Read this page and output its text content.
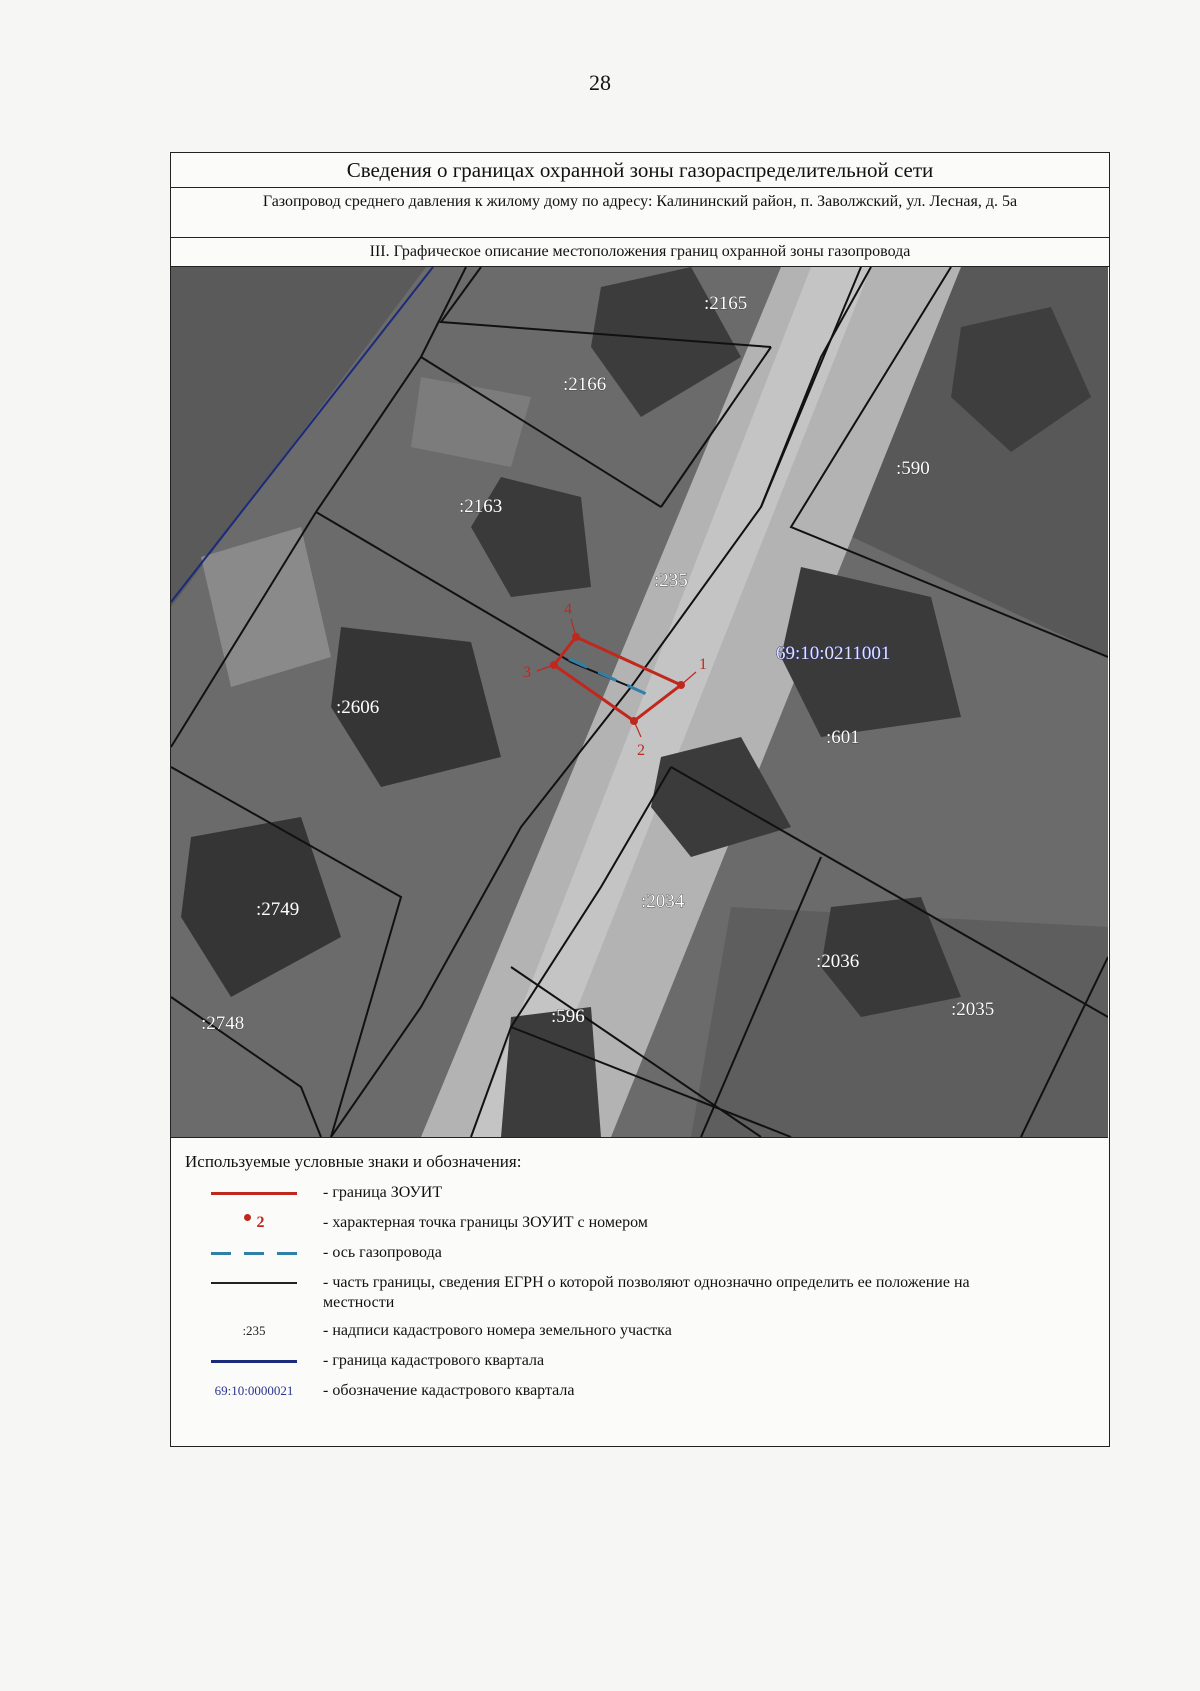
28
Сведения о границах охранной зоны газораспределительной сети
Газопровод среднего давления к жилому дому по адресу: Калининский район, п. Заволжский, ул. Лесная, д. 5а
III. Графическое описание местоположения границ охранной зоны газопровода
1
2
3
4
:2165
:2166
:590
:2163
:235
:2606
:601
:2749	:2034
:2036
:2748	:596	:2035
69:10:0211001
Используемые условные знаки и обозначения:
- граница ЗОУИТ
2	- характерная точка границы ЗОУИТ с номером
- ось газопровода
- часть границы, сведения ЕГРН о которой позволяют однозначно определить ее положение на местности
:235	- надписи кадастрового номера земельного участка
- граница кадастрового квартала
69:10:0000021 - обозначение кадастрового квартала
